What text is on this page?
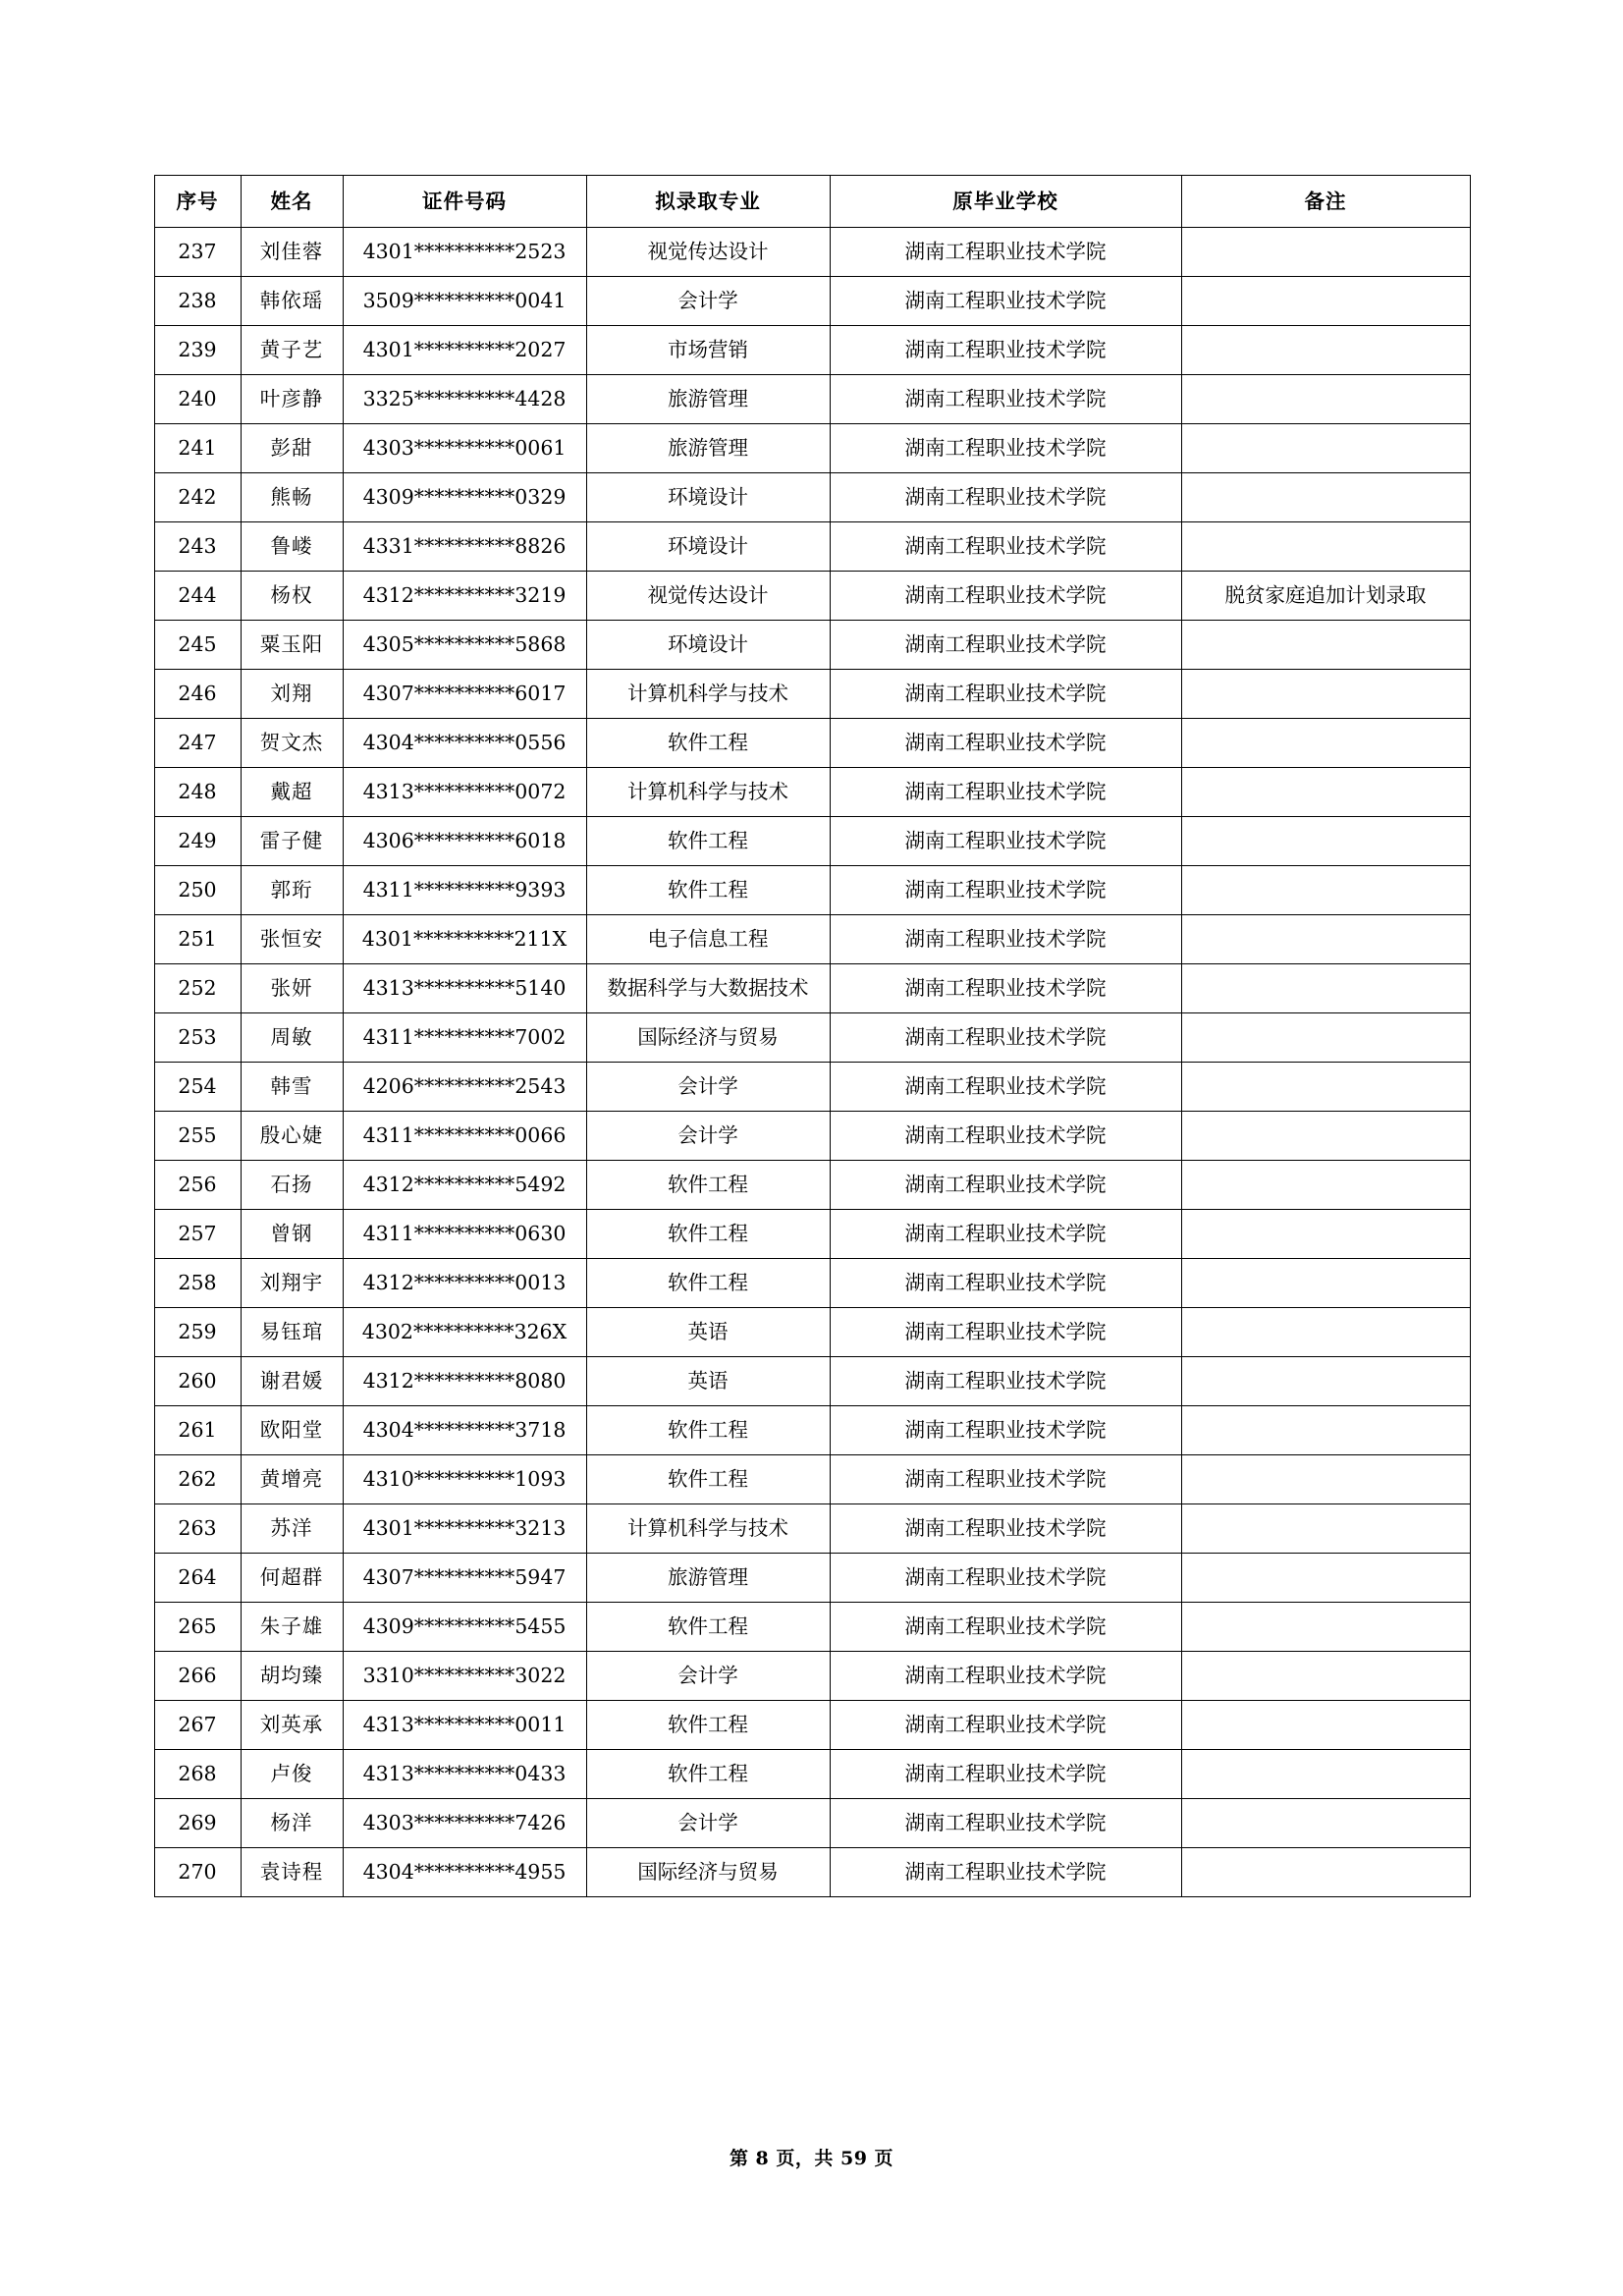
序号	姓名	证件号码	拟录取专业	原毕业学校	备注
237	刘佳蓉	4301**********2523	视觉传达设计	湖南工程职业技术学院	
238	韩依瑶	3509**********0041	会计学	湖南工程职业技术学院	
239	黄子艺	4301**********2027	市场营销	湖南工程职业技术学院	
240	叶彦静	3325**********4428	旅游管理	湖南工程职业技术学院	
241	彭甜	4303**********0061	旅游管理	湖南工程职业技术学院	
242	熊畅	4309**********0329	环境设计	湖南工程职业技术学院	
243	鲁嵝	4331**********8826	环境设计	湖南工程职业技术学院	
244	杨权	4312**********3219	视觉传达设计	湖南工程职业技术学院	脱贫家庭追加计划录取
245	粟玉阳	4305**********5868	环境设计	湖南工程职业技术学院	
246	刘翔	4307**********6017	计算机科学与技术	湖南工程职业技术学院	
247	贺文杰	4304**********0556	软件工程	湖南工程职业技术学院	
248	戴超	4313**********0072	计算机科学与技术	湖南工程职业技术学院	
249	雷子健	4306**********6018	软件工程	湖南工程职业技术学院	
250	郭珩	4311**********9393	软件工程	湖南工程职业技术学院	
251	张恒安	4301**********211X	电子信息工程	湖南工程职业技术学院	
252	张妍	4313**********5140	数据科学与大数据技术	湖南工程职业技术学院	
253	周敏	4311**********7002	国际经济与贸易	湖南工程职业技术学院	
254	韩雪	4206**********2543	会计学	湖南工程职业技术学院	
255	殷心婕	4311**********0066	会计学	湖南工程职业技术学院	
256	石扬	4312**********5492	软件工程	湖南工程职业技术学院	
257	曾钢	4311**********0630	软件工程	湖南工程职业技术学院	
258	刘翔宇	4312**********0013	软件工程	湖南工程职业技术学院	
259	易钰琯	4302**********326X	英语	湖南工程职业技术学院	
260	谢君媛	4312**********8080	英语	湖南工程职业技术学院	
261	欧阳堂	4304**********3718	软件工程	湖南工程职业技术学院	
262	黄增亮	4310**********1093	软件工程	湖南工程职业技术学院	
263	苏洋	4301**********3213	计算机科学与技术	湖南工程职业技术学院	
264	何超群	4307**********5947	旅游管理	湖南工程职业技术学院	
265	朱子雄	4309**********5455	软件工程	湖南工程职业技术学院	
266	胡均臻	3310**********3022	会计学	湖南工程职业技术学院	
267	刘英承	4313**********0011	软件工程	湖南工程职业技术学院	
268	卢俊	4313**********0433	软件工程	湖南工程职业技术学院	
269	杨洋	4303**********7426	会计学	湖南工程职业技术学院	
270	袁诗程	4304**********4955	国际经济与贸易	湖南工程职业技术学院	
第 8 页，共 59 页
